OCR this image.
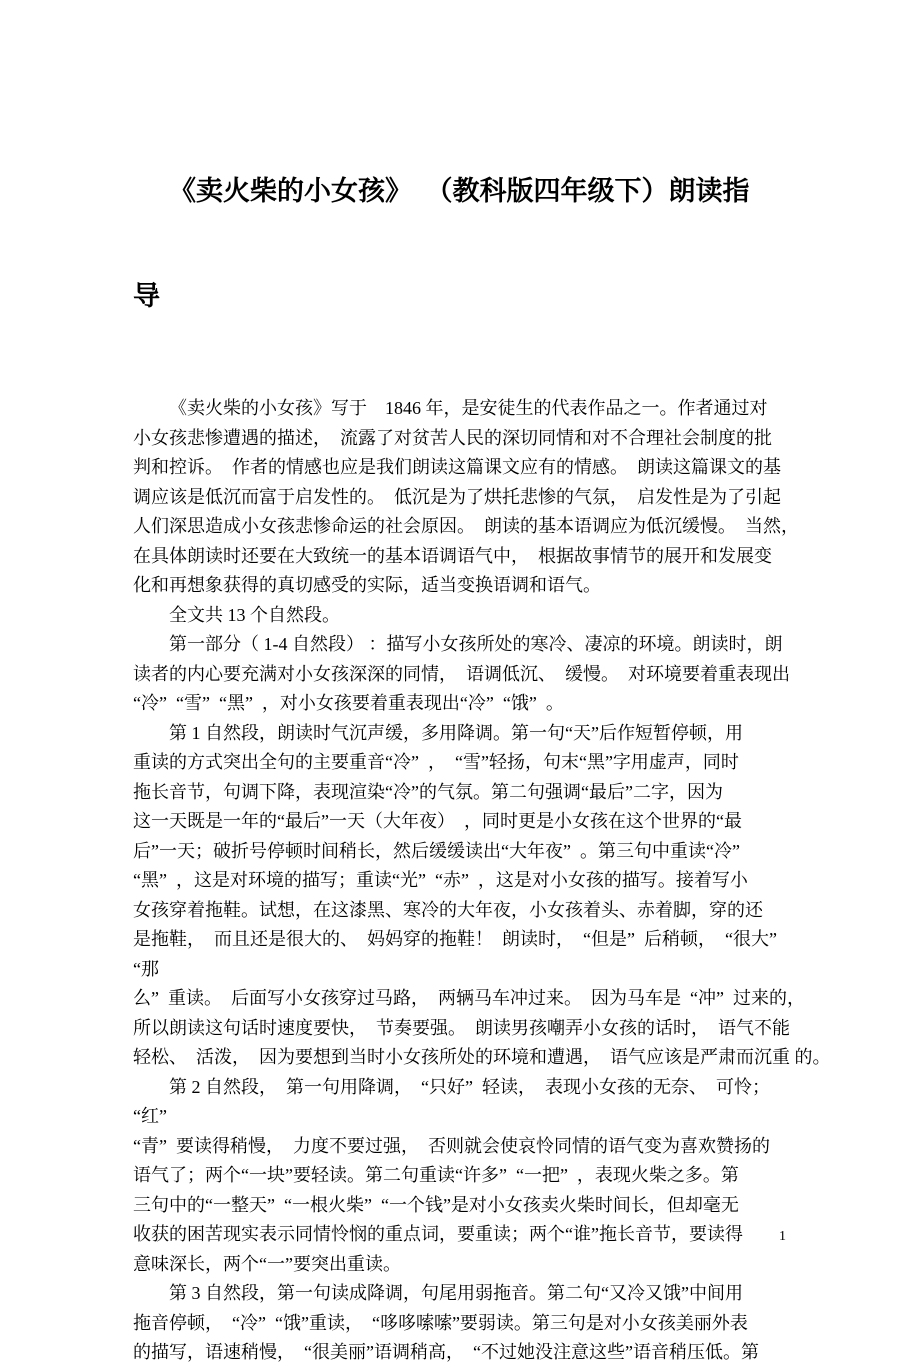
《卖火柴的小女孩》  （教科版四年级下）朗读指

导

《卖火柴的小女孩》写于    1846 年，是安徒生的代表作品之一。作者通过对
小女孩悲惨遭遇的描述，  流露了对贫苦人民的深切同情和对不合理社会制度的批
判和控诉。  作者的情感也应是我们朗读这篇课文应有的情感。  朗读这篇课文的基
调应该是低沉而富于启发性的。  低沉是为了烘托悲惨的气氛，  启发性是为了引起
人们深思造成小女孩悲惨命运的社会原因。  朗读的基本语调应为低沉缓慢。  当然，
在具体朗读时还要在大致统一的基本语调语气中，  根据故事情节的展开和发展变
化和再想象获得的真切感受的实际，适当变换语调和语气。
全文共 13 个自然段。
第一部分（ 1-4 自然段） ：描写小女孩所处的寒冷、凄凉的环境。朗读时，朗
读者的内心要充满对小女孩深深的同情，  语调低沉、  缓慢。  对环境要着重表现出
“冷”  “雪”  “黑”  ，对小女孩要着重表现出“冷”  “饿”  。
第 1 自然段，朗读时气沉声缓，多用降调。第一句“天”后作短暂停顿，用
重读的方式突出全句的主要重音“冷”  ，  “雪”轻扬，句末“黑”字用虚声，同时
拖长音节，句调下降，表现渲染“冷”的气氛。第二句强调“最后”二字，因为
这一天既是一年的“最后”一天（大年夜）  ，同时更是小女孩在这个世界的“最
后”一天；破折号停顿时间稍长，然后缓缓读出“大年夜”  。第三句中重读“冷”
“黑”  ，这是对环境的描写；重读“光”  “赤”  ，这是对小女孩的描写。接着写小
女孩穿着拖鞋。试想，在这漆黑、寒冷的大年夜，小女孩着头、赤着脚，穿的还
是拖鞋，  而且还是很大的、  妈妈穿的拖鞋！  朗读时，  “但是”  后稍顿，  “很大”
“那
么”  重读。  后面写小女孩穿过马路，  两辆马车冲过来。  因为马车是  “冲”  过来的，
所以朗读这句话时速度要快，  节奏要强。  朗读男孩嘲弄小女孩的话时，  语气不能
轻松、  活泼，  因为要想到当时小女孩所处的环境和遭遇，  语气应该是严肃而沉重 的。
第 2 自然段，  第一句用降调，  “只好”  轻读，  表现小女孩的无奈、  可怜；
“红”
“青”  要读得稍慢，  力度不要过强，  否则就会使哀怜同情的语气变为喜欢赞扬的
语气了；两个“一块”要轻读。第二句重读“许多”  “一把”  ，表现火柴之多。第
三句中的“一整天”  “一根火柴”  “一个钱”是对小女孩卖火柴时间长，但却毫无
收获的困苦现实表示同情怜悯的重点词，要重读；两个“谁”拖长音节，要读得
意味深长，两个“一”要突出重读。
第 3 自然段，第一句读成降调，句尾用弱拖音。第二句“又冷又饿”中间用
拖音停顿，  “冷”  “饿”重读，  “哆哆嗦嗦”要弱读。第三句是对小女孩美丽外表
的描写，语速稍慢，  “很美丽”语调稍高，  “不过她没注意这些”语音稍压低。第
1
